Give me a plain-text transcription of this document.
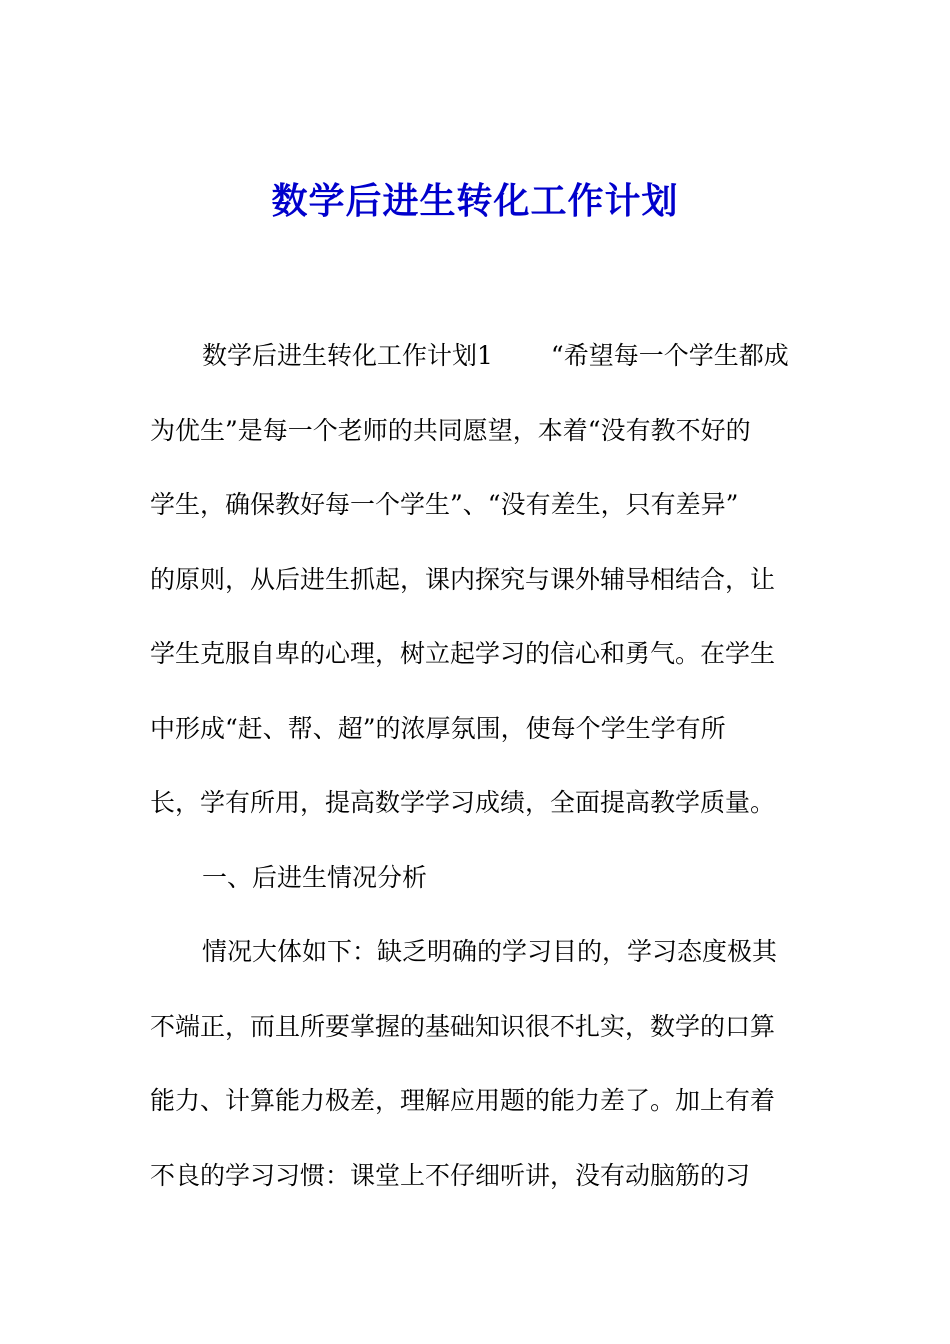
数学后进生转化工作计划
数学后进生转化工作计划1 “希望每一个学生都成
为优生”是每一个老师的共同愿望，本着“没有教不好的
学生，确保教好每一个学生”、“没有差生，只有差异”
的原则，从后进生抓起，课内探究与课外辅导相结合，让
学生克服自卑的心理，树立起学习的信心和勇气。在学生
中形成“赶、帮、超”的浓厚氛围，使每个学生学有所
长，学有所用，提高数学学习成绩，全面提高教学质量。
一、后进生情况分析
情况大体如下：缺乏明确的学习目的，学习态度极其
不端正，而且所要掌握的基础知识很不扎实，数学的口算
能力、计算能力极差，理解应用题的能力差了。加上有着
不良的学习习惯：课堂上不仔细听讲，没有动脑筋的习
